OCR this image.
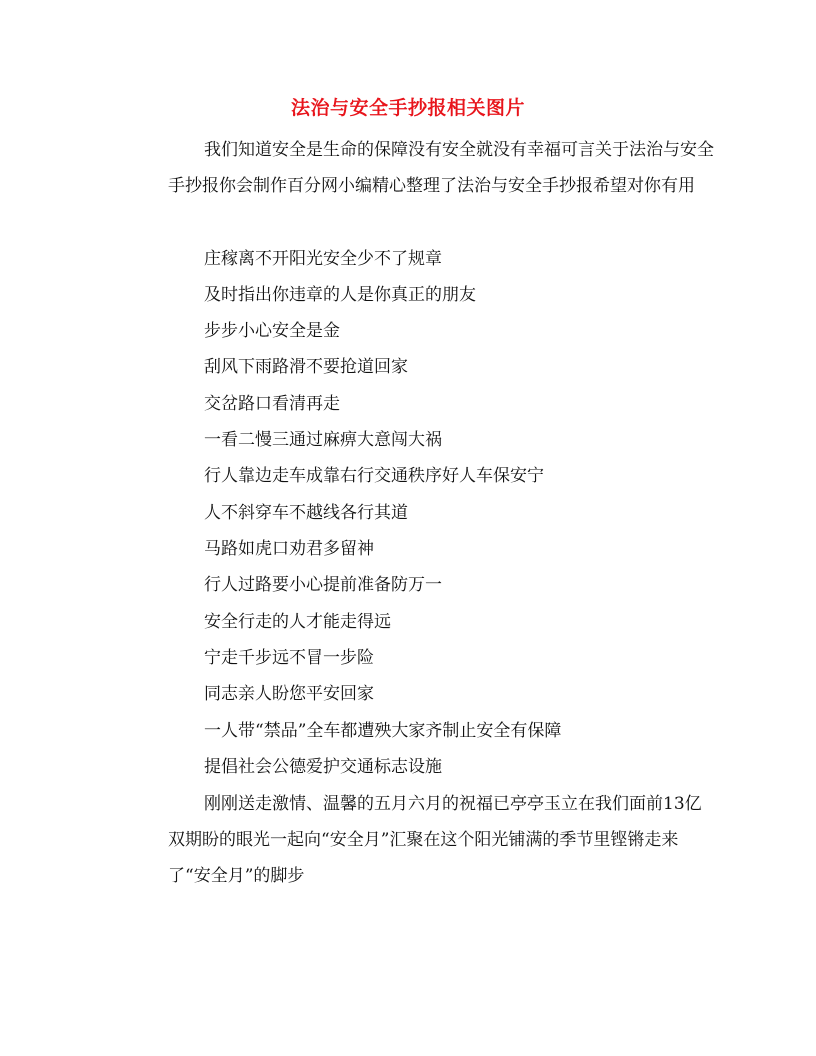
法治与安全手抄报相关图片

我们知道安全是生命的保障没有安全就没有幸福可言关于法治与安全手抄报你会制作百分网小编精心整理了法治与安全手抄报希望对你有用

庄稼离不开阳光安全少不了规章

及时指出你违章的人是你真正的朋友

步步小心安全是金

刮风下雨路滑不要抢道回家

交岔路口看清再走

一看二慢三通过麻痹大意闯大祸

行人靠边走车成靠右行交通秩序好人车保安宁

人不斜穿车不越线各行其道

马路如虎口劝君多留神

行人过路要小心提前准备防万一

安全行走的人才能走得远

宁走千步远不冒一步险

同志亲人盼您平安回家

一人带“禁品”全车都遭殃大家齐制止安全有保障

提倡社会公德爱护交通标志设施

刚刚送走激情、温馨的五月六月的祝福已亭亭玉立在我们面前13亿双期盼的眼光一起向“安全月”汇聚在这个阳光铺满的季节里铿锵走来了“安全月”的脚步
